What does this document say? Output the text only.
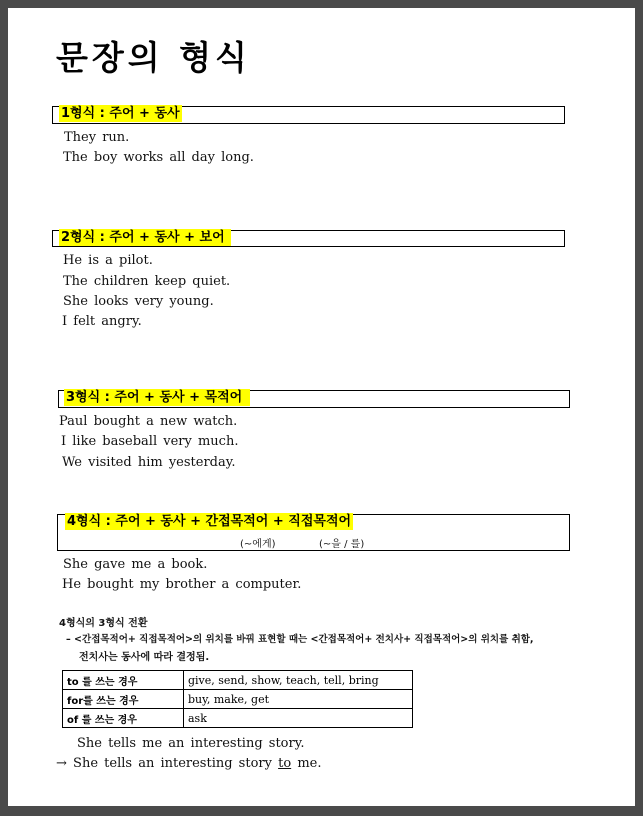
문장의 형식
1형식 : 주어 + 동사
They run.
The boy works all day long.
2형식 : 주어 + 동사 + 보어
He is a pilot.
The children keep quiet.
She looks very young.
I felt angry.
3형식 : 주어 + 동사 + 목적어
Paul bought a new watch.
I like baseball very much.
We visited him yesterday.
4형식 : 주어 + 동사 + 간접목적어 + 직접목적어
(~에게)	(~을 / 를)
She gave me a book.
He bought my brother a computer.
4형식의 3형식 전환
– <간접목적어+ 직접목적어>의 위치를 바꿔 표현할 때는 <간접목적어+ 전치사+ 직접목적어>의 위치를 취함,
전치사는 동사에 따라 결정됨.
to 를 쓰는 경우	give, send, show, teach, tell, bring
for를 쓰는 경우	buy, make, get
of 를 쓰는 경우	ask
She tells me an interesting story.
→ She tells an interesting story to me.
